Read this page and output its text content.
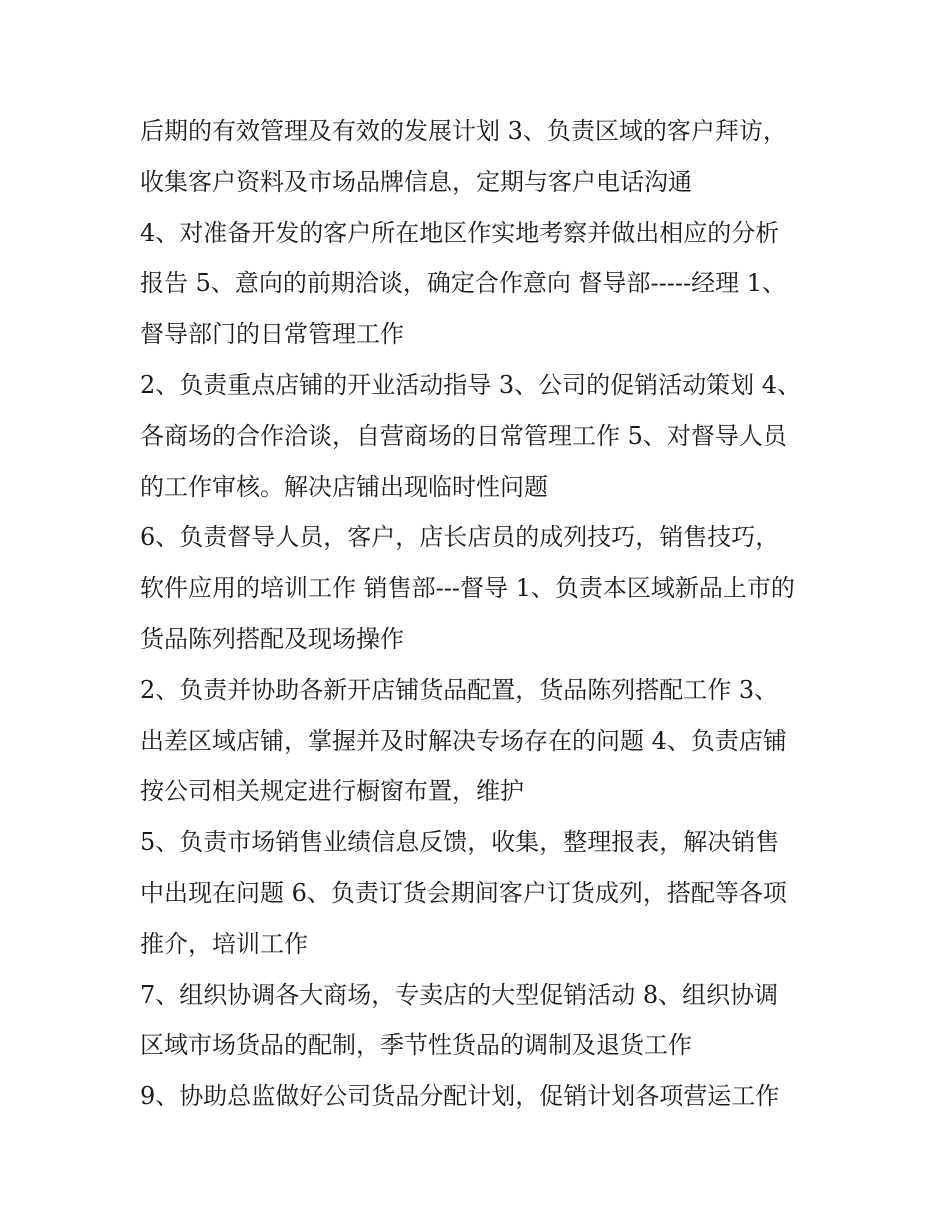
后期的有效管理及有效的发展计划 3、负责区域的客户拜访，
收集客户资料及市场品牌信息，定期与客户电话沟通
4、对准备开发的客户所在地区作实地考察并做出相应的分析
报告 5、意向的前期洽谈，确定合作意向 督导部-----经理 1、
督导部门的日常管理工作
2、负责重点店铺的开业活动指导 3、公司的促销活动策划 4、
各商场的合作洽谈，自营商场的日常管理工作 5、对督导人员
的工作审核。解决店铺出现临时性问题
6、负责督导人员，客户，店长店员的成列技巧，销售技巧，
软件应用的培训工作 销售部---督导 1、负责本区域新品上市的
货品陈列搭配及现场操作
2、负责并协助各新开店铺货品配置，货品陈列搭配工作 3、
出差区域店铺，掌握并及时解决专场存在的问题 4、负责店铺
按公司相关规定进行橱窗布置，维护
5、负责市场销售业绩信息反馈，收集，整理报表，解决销售
中出现在问题 6、负责订货会期间客户订货成列，搭配等各项
推介，培训工作
7、组织协调各大商场，专卖店的大型促销活动 8、组织协调
区域市场货品的配制，季节性货品的调制及退货工作
9、协助总监做好公司货品分配计划，促销计划各项营运工作
